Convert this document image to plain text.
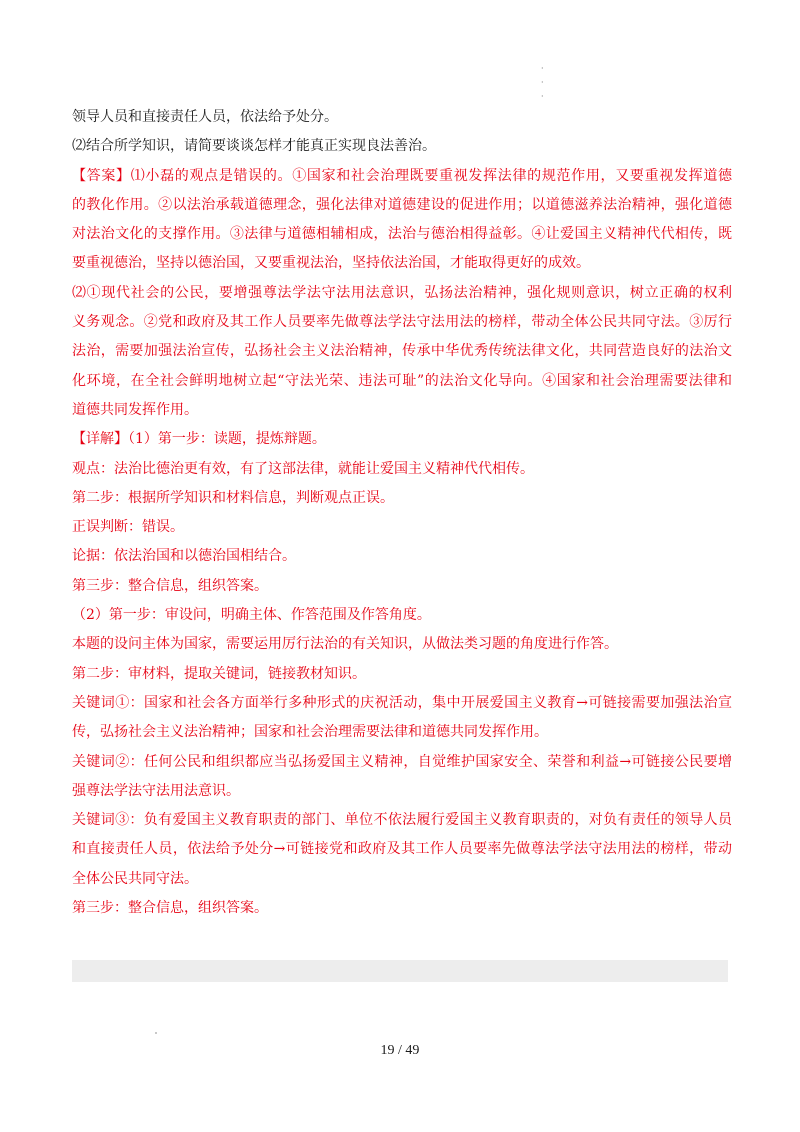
·
·
·
领导人员和直接责任人员，依法给予处分。
⑵结合所学知识，请简要谈谈怎样才能真正实现良法善治。
【答案】⑴小磊的观点是错误的。①国家和社会治理既要重视发挥法律的规范作用，又要重视发挥道德
的教化作用。②以法治承载道德理念，强化法律对道德建设的促进作用；以道德滋养法治精神，强化道德
对法治文化的支撑作用。③法律与道德相辅相成，法治与德治相得益彰。④让爱国主义精神代代相传，既
要重视德治，坚持以德治国，又要重视法治，坚持依法治国，才能取得更好的成效。
⑵①现代社会的公民，要增强尊法学法守法用法意识，弘扬法治精神，强化规则意识，树立正确的权利
义务观念。②党和政府及其工作人员要率先做尊法学法守法用法的榜样，带动全体公民共同守法。③厉行
法治，需要加强法治宣传，弘扬社会主义法治精神，传承中华优秀传统法律文化，共同营造良好的法治文
化环境，在全社会鲜明地树立起“守法光荣、违法可耻”的法治文化导向。④国家和社会治理需要法律和
道德共同发挥作用。
【详解】（1）第一步：读题，提炼辩题。
观点：法治比德治更有效，有了这部法律，就能让爱国主义精神代代相传。
第二步：根据所学知识和材料信息，判断观点正误。
正误判断：错误。
论据：依法治国和以德治国相结合。
第三步：整合信息，组织答案。
（2）第一步：审设问，明确主体、作答范围及作答角度。
本题的设问主体为国家，需要运用厉行法治的有关知识，从做法类习题的角度进行作答。
第二步：审材料，提取关键词，链接教材知识。
关键词①：国家和社会各方面举行多种形式的庆祝活动，集中开展爱国主义教育→可链接需要加强法治宣
传，弘扬社会主义法治精神；国家和社会治理需要法律和道德共同发挥作用。
关键词②：任何公民和组织都应当弘扬爱国主义精神，自觉维护国家安全、荣誉和利益→可链接公民要增
强尊法学法守法用法意识。
关键词③：负有爱国主义教育职责的部门、单位不依法履行爱国主义教育职责的，对负有责任的领导人员
和直接责任人员，依法给予处分→可链接党和政府及其工作人员要率先做尊法学法守法用法的榜样，带动
全体公民共同守法。
第三步：整合信息，组织答案。
19 / 49
